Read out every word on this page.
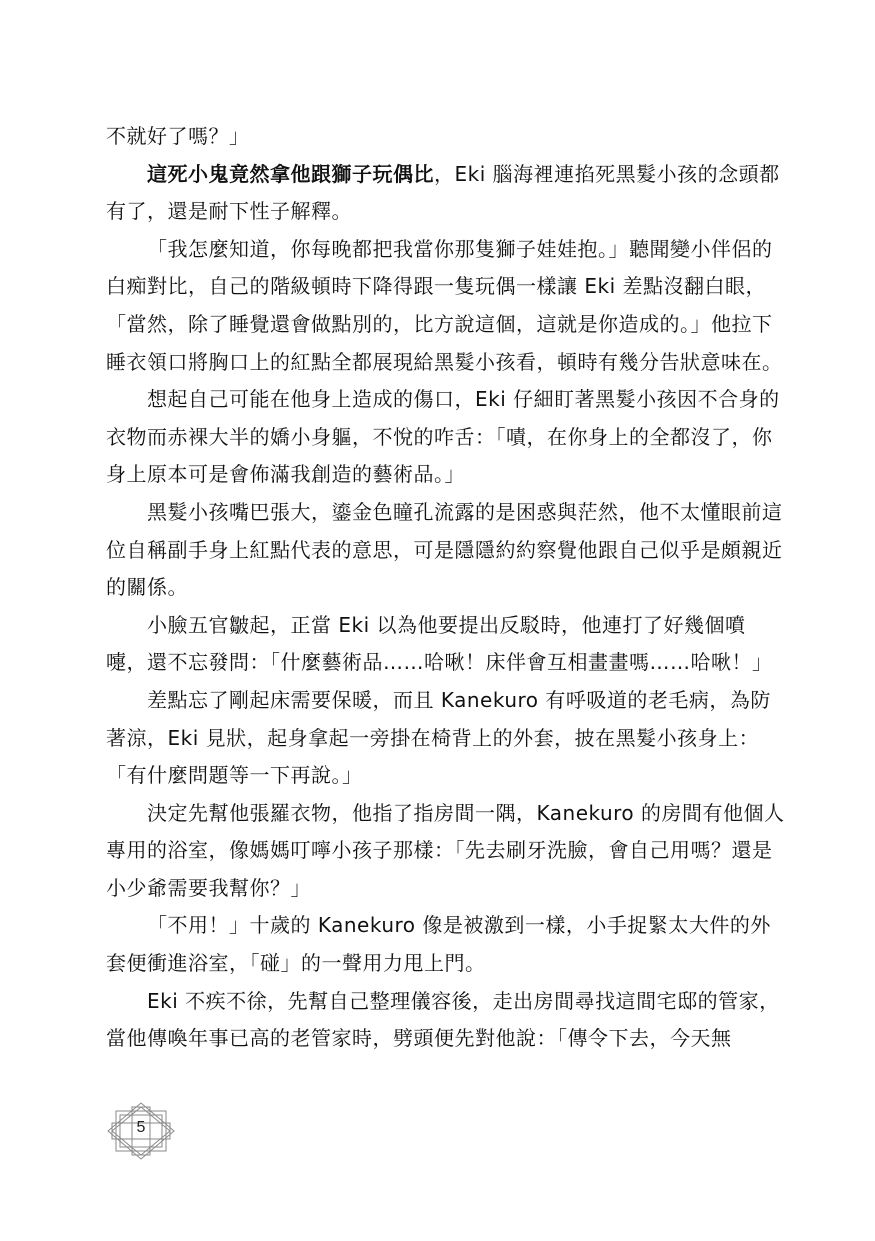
不就好了嗎？」

這死小鬼竟然拿他跟獅子玩偶比，Eki 腦海裡連掐死黑髮小孩的念頭都有了，還是耐下性子解釋。

「我怎麼知道，你每晚都把我當你那隻獅子娃娃抱。」聽聞變小伴侶的白痴對比，自己的階級頓時下降得跟一隻玩偶一樣讓 Eki 差點沒翻白眼，「當然，除了睡覺還會做點別的，比方說這個，這就是你造成的。」他拉下睡衣領口將胸口上的紅點全都展現給黑髮小孩看，頓時有幾分告狀意味在。

想起自己可能在他身上造成的傷口，Eki 仔細盯著黑髮小孩因不合身的衣物而赤裸大半的嬌小身軀，不悅的咋舌：「嘖，在你身上的全都沒了，你身上原本可是會佈滿我創造的藝術品。」

黑髮小孩嘴巴張大，鎏金色瞳孔流露的是困惑與茫然，他不太懂眼前這位自稱副手身上紅點代表的意思，可是隱隱約約察覺他跟自己似乎是頗親近的關係。

小臉五官皺起，正當 Eki 以為他要提出反駁時，他連打了好幾個噴嚏，還不忘發問：「什麼藝術品……哈啾！床伴會互相畫畫嗎……哈啾！」

差點忘了剛起床需要保暖，而且 Kanekuro 有呼吸道的老毛病，為防著涼，Eki 見狀，起身拿起一旁掛在椅背上的外套，披在黑髮小孩身上：「有什麼問題等一下再說。」

決定先幫他張羅衣物，他指了指房間一隅，Kanekuro 的房間有他個人專用的浴室，像媽媽叮嚀小孩子那樣：「先去刷牙洗臉，會自己用嗎？還是小少爺需要我幫你？」

「不用！」十歲的 Kanekuro 像是被激到一樣，小手捉緊太大件的外套便衝進浴室，「碰」的一聲用力甩上門。

Eki 不疾不徐，先幫自己整理儀容後，走出房間尋找這間宅邸的管家，當他傳喚年事已高的老管家時，劈頭便先對他說：「傳令下去，今天無

5
